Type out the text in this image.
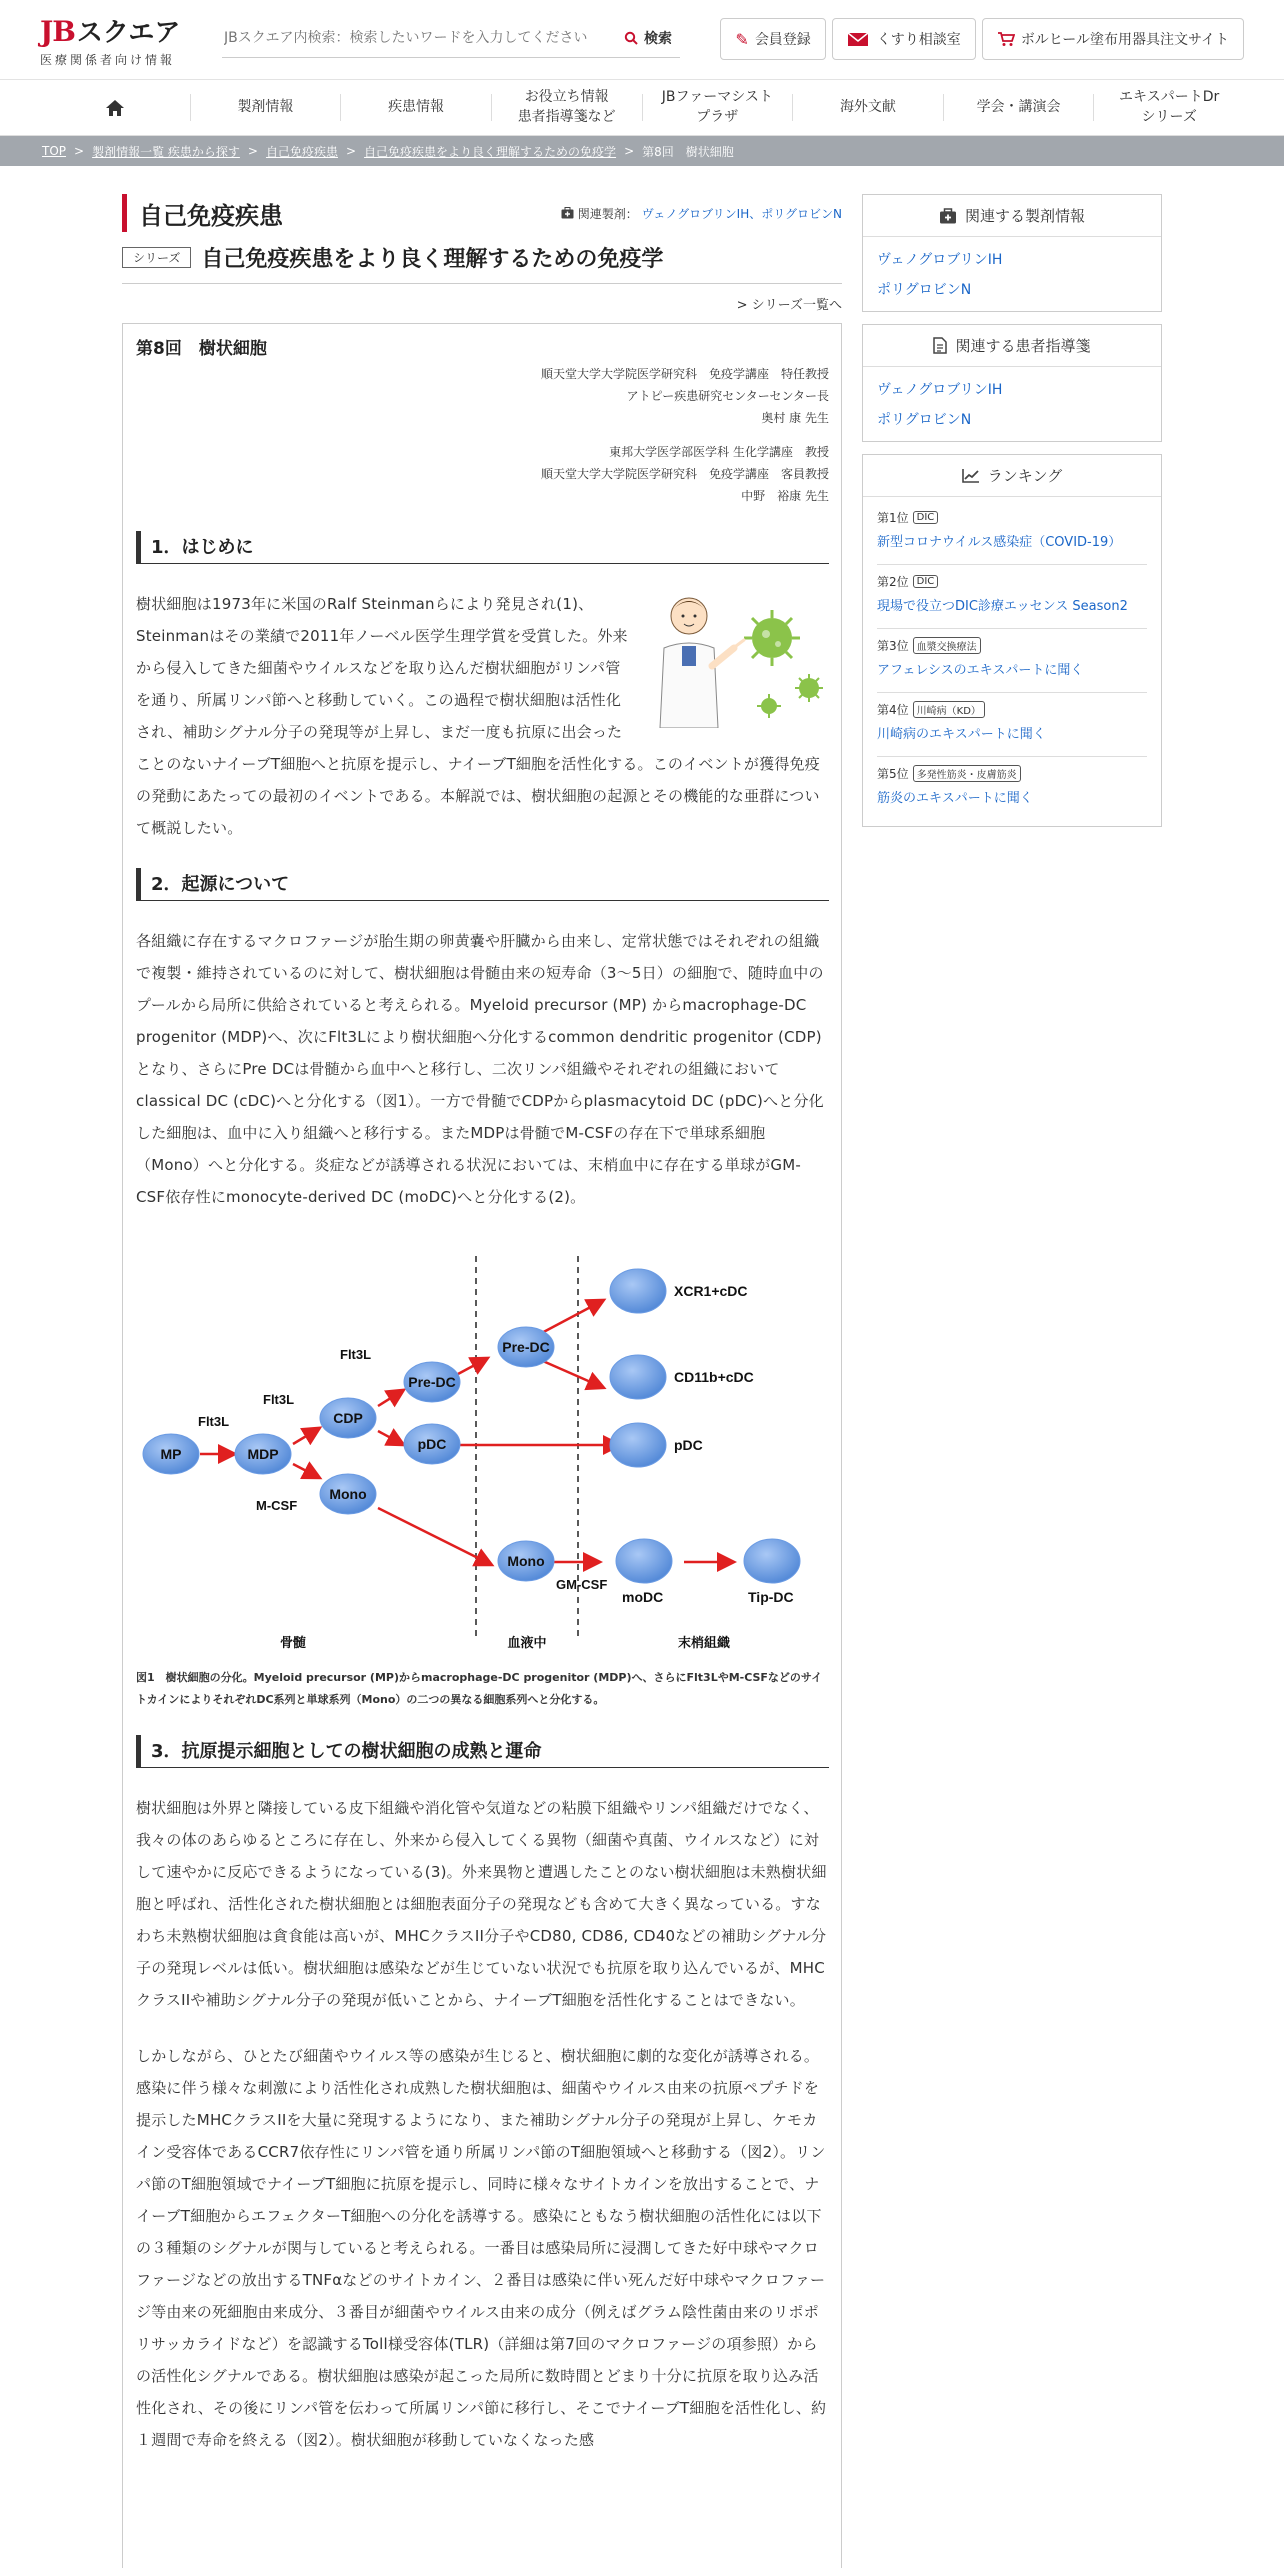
JB スクエア
医療関係者向け情報
JBスクエア内検索：検索したいワードを入力してください
検索	✎ 会員登録	くすり相談室	ボルヒール塗布用器具注文サイト
製剤情報	疾患情報
お役立ち情報
患者指導箋など
JBファーマシスト
プラザ
海外文献	学会・講演会
エキスパートDr
シリーズ
TOP > 製剤情報一覧 疾患から探す > 自己免疫疾患 > 自己免疫疾患をより良く理解するための免疫学 > 第8回　樹状細胞
自己免疫疾患	関連製剤： ヴェノグロブリンIH、ポリグロビンN
シリーズ 自己免疫疾患をより良く理解するための免疫学
> シリーズ一覧へ
第8回　樹状細胞
順天堂大学大学院医学研究科　免疫学講座　特任教授
アトピー疾患研究センターセンター長
奥村 康 先生
東邦大学医学部医学科 生化学講座　教授
順天堂大学大学院医学研究科　免疫学講座　客員教授
中野　裕康 先生
1．はじめに

樹状細胞は1973年に米国のRalf Steinmanらにより発見され(1)、Steinmanはその業績で2011年ノーベル医学生理学賞を受賞した。外来から侵入してきた細菌やウイルスなどを取り込んだ樹状細胞がリンパ管を通り、所属リンパ節へと移動していく。この過程で樹状細胞は活性化され、補助シグナル分子の発現等が上昇し、まだ一度も抗原に出会ったことのないナイーブT細胞へと抗原を提示し、ナイーブT細胞を活性化する。このイベントが獲得免疫の発動にあたっての最初のイベントである。本解説では、樹状細胞の起源とその機能的な亜群について概説したい。

2．起源について

各組織に存在するマクロファージが胎生期の卵黄嚢や肝臓から由来し、定常状態ではそれぞれの組織で複製・維持されているのに対して、樹状細胞は骨髄由来の短寿命（3～5日）の細胞で、随時血中のプールから局所に供給されていると考えられる。Myeloid precursor (MP) からmacrophage-DC progenitor (MDP)へ、次にFlt3Lにより樹状細胞へ分化するcommon dendritic progenitor (CDP)となり、さらにPre DCは骨髄から血中へと移行し、二次リンパ組織やそれぞれの組織においてclassical DC (cDC)へと分化する（図1）。一方で骨髄でCDPからplasmacytoid DC (pDC)へと分化した細胞は、血中に入り組織へと移行する。またMDPは骨髄でM-CSFの存在下で単球系細胞（Mono）へと分化する。炎症などが誘導される状況においては、末梢血中に存在する単球がGM-CSF依存性にmonocyte-derived DC (moDC)へと分化する(2)。

MP	MDP
CDP
Mono
Pre-DC
pDC
Pre-DC
Mono
XCR1+cDC
CD11b+cDC
pDC
moDC	Tip-DC
Flt3L
Flt3L
Flt3L
M-CSF
GM-CSF
骨髄	血液中	末梢組織

図1　樹状細胞の分化。Myeloid precursor (MP)からmacrophage-DC progenitor (MDP)へ、さらにFlt3LやM-CSFなどのサイトカインによりそれぞれDC系列と単球系列（Mono）の二つの異なる細胞系列へと分化する。

3．抗原提示細胞としての樹状細胞の成熟と運命

樹状細胞は外界と隣接している皮下組織や消化管や気道などの粘膜下組織やリンパ組織だけでなく、我々の体のあらゆるところに存在し、外来から侵入してくる異物（細菌や真菌、ウイルスなど）に対して速やかに反応できるようになっている(3)。外来異物と遭遇したことのない樹状細胞は未熟樹状細胞と呼ばれ、活性化された樹状細胞とは細胞表面分子の発現なども含めて大きく異なっている。すなわち未熟樹状細胞は貪食能は高いが、MHCクラスII分子やCD80, CD86, CD40などの補助シグナル分子の発現レベルは低い。樹状細胞は感染などが生じていない状況でも抗原を取り込んでいるが、MHCクラスIIや補助シグナル分子の発現が低いことから、ナイーブT細胞を活性化することはできない。

しかしながら、ひとたび細菌やウイルス等の感染が生じると、樹状細胞に劇的な変化が誘導される。感染に伴う様々な刺激により活性化され成熟した樹状細胞は、細菌やウイルス由来の抗原ペプチドを提示したMHCクラスIIを大量に発現するようになり、また補助シグナル分子の発現が上昇し、ケモカイン受容体であるCCR7依存性にリンパ管を通り所属リンパ節のT細胞領域へと移動する（図2）。リンパ節のT細胞領域でナイーブT細胞に抗原を提示し、同時に様々なサイトカインを放出することで、ナイーブT細胞からエフェクターT細胞への分化を誘導する。感染にともなう樹状細胞の活性化には以下の３種類のシグナルが関与していると考えられる。一番目は感染局所に浸潤してきた好中球やマクロファージなどの放出するTNFαなどのサイトカイン、２番目は感染に伴い死んだ好中球やマクロファージ等由来の死細胞由来成分、３番目が細菌やウイルス由来の成分（例えばグラム陰性菌由来のリポポリサッカライドなど）を認識するToll様受容体(TLR)（詳細は第7回のマクロファージの項参照）からの活性化シグナルである。樹状細胞は感染が起こった局所に数時間とどまり十分に抗原を取り込み活性化され、その後にリンパ管を伝わって所属リンパ節に移行し、そこでナイーブT細胞を活性化し、約１週間で寿命を終える（図2）。樹状細胞が移動していなくなった感

関連する製剤情報
ヴェノグロブリンIH
ポリグロビンN
関連する患者指導箋
ヴェノグロブリンIH
ポリグロビンN
ランキング
第1位 DIC
新型コロナウイルス感染症（COVID-19）
第2位 DIC
現場で役立つDIC診療エッセンス Season2
第3位 血漿交換療法
アフェレシスのエキスパートに聞く
第4位 川崎病（KD）
川崎病のエキスパートに聞く
第5位 多発性筋炎・皮膚筋炎
筋炎のエキスパートに聞く
